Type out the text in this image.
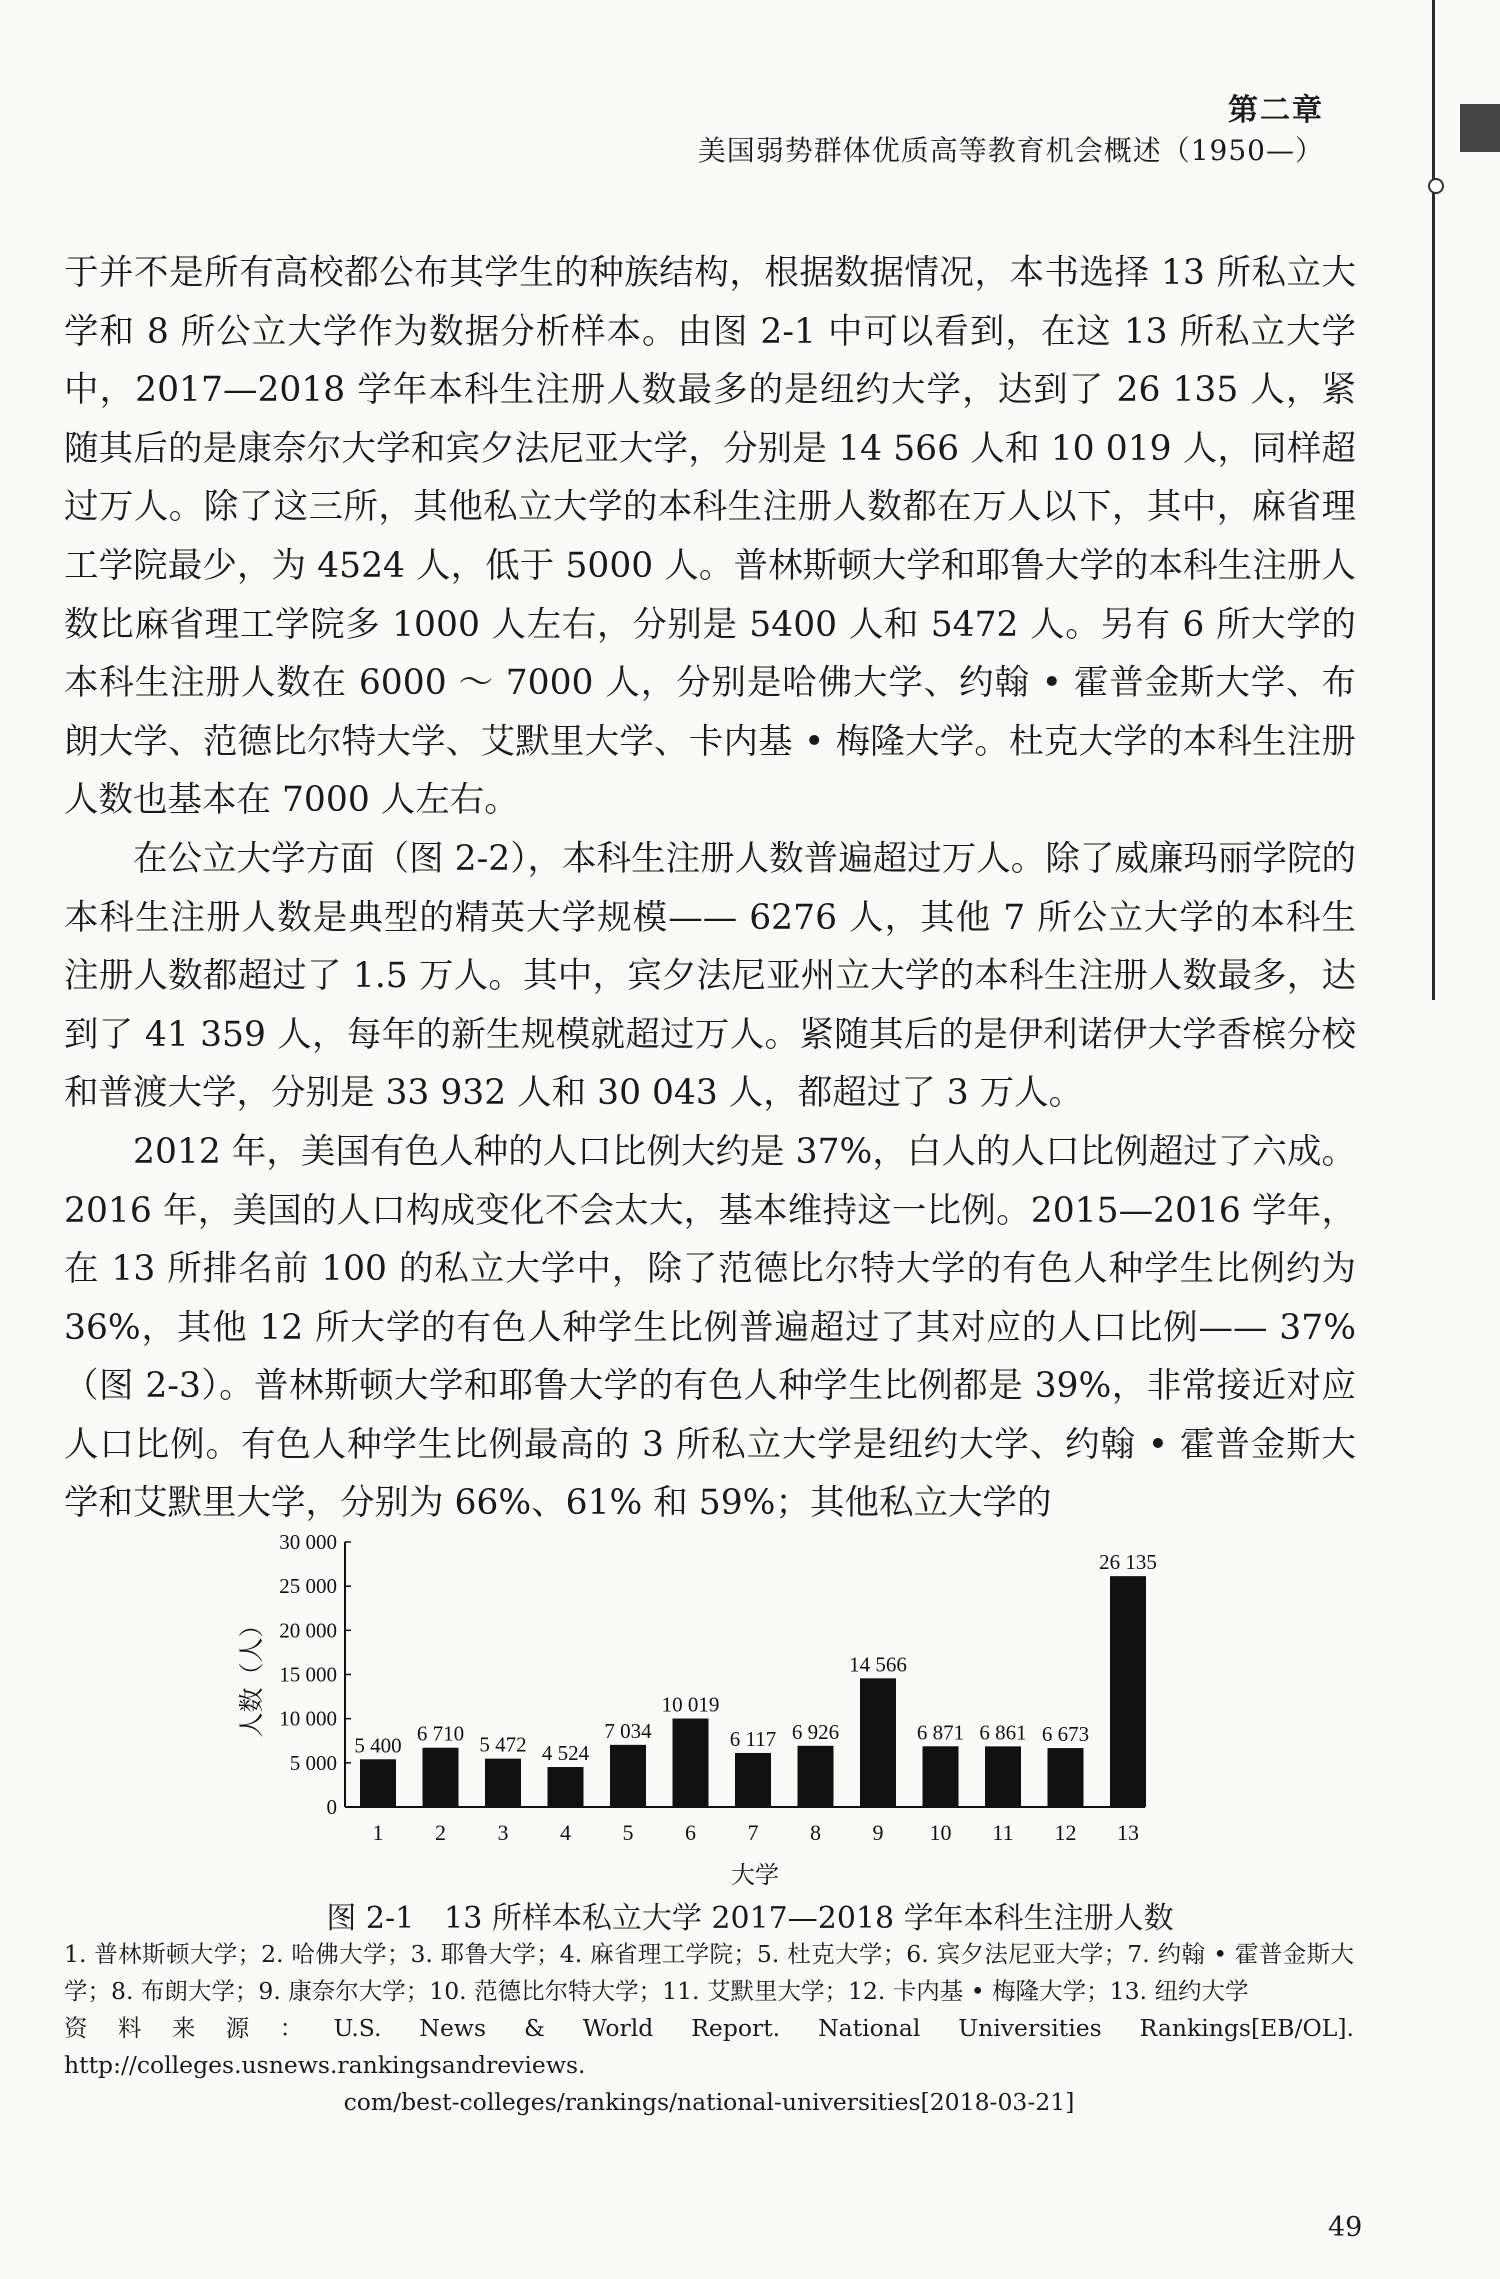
第二章
美国弱势群体优质高等教育机会概述（1950—）

于并不是所有高校都公布其学生的种族结构，根据数据情况，本书选择 13 所私立大学和 8 所公立大学作为数据分析样本。由图 2-1 中可以看到，在这 13 所私立大学中，2017—2018 学年本科生注册人数最多的是纽约大学，达到了 26 135 人，紧随其后的是康奈尔大学和宾夕法尼亚大学，分别是 14 566 人和 10 019 人，同样超过万人。除了这三所，其他私立大学的本科生注册人数都在万人以下，其中，麻省理工学院最少，为 4524 人，低于 5000 人。普林斯顿大学和耶鲁大学的本科生注册人数比麻省理工学院多 1000 人左右，分别是 5400 人和 5472 人。另有 6 所大学的本科生注册人数在 6000 ～ 7000 人，分别是哈佛大学、约翰 • 霍普金斯大学、布朗大学、范德比尔特大学、艾默里大学、卡内基 • 梅隆大学。杜克大学的本科生注册人数也基本在 7000 人左右。

在公立大学方面（图 2-2），本科生注册人数普遍超过万人。除了威廉玛丽学院的本科生注册人数是典型的精英大学规模—— 6276 人，其他 7 所公立大学的本科生注册人数都超过了 1.5 万人。其中，宾夕法尼亚州立大学的本科生注册人数最多，达到了 41 359 人，每年的新生规模就超过万人。紧随其后的是伊利诺伊大学香槟分校和普渡大学，分别是 33 932 人和 30 043 人，都超过了 3 万人。

2012 年，美国有色人种的人口比例大约是 37%，白人的人口比例超过了六成。2016 年，美国的人口构成变化不会太大，基本维持这一比例。2015—2016 学年，在 13 所排名前 100 的私立大学中，除了范德比尔特大学的有色人种学生比例约为 36%，其他 12 所大学的有色人种学生比例普遍超过了其对应的人口比例—— 37%（图 2-3）。普林斯顿大学和耶鲁大学的有色人种学生比例都是 39%，非常接近对应人口比例。有色人种学生比例最高的 3 所私立大学是纽约大学、约翰 • 霍普金斯大学和艾默里大学，分别为 66%、61% 和 59%；其他私立大学的

0
5 000
10 000
15 000
20 000
25 000
30 000
人数（人）
5 400
1
6 710
2
5 472
3
4 524
4
7 034
5
10 019
6
6 117
7
6 926
8
14 566
9
6 871
10
6 861
11
6 673
12
26 135
13
大学
图 2-1　13 所样本私立大学 2017—2018 学年本科生注册人数

1. 普林斯顿大学；2. 哈佛大学；3. 耶鲁大学；4. 麻省理工学院；5. 杜克大学；6. 宾夕法尼亚大学；7. 约翰 • 霍普金斯大学；8. 布朗大学；9. 康奈尔大学；10. 范德比尔特大学；11. 艾默里大学；12. 卡内基 • 梅隆大学；13. 纽约大学

资料来源：U.S. News & World Report. National Universities Rankings[EB/OL]. http://colleges.usnews.rankingsandreviews.

com/best-colleges/rankings/national-universities[2018-03-21]

49
